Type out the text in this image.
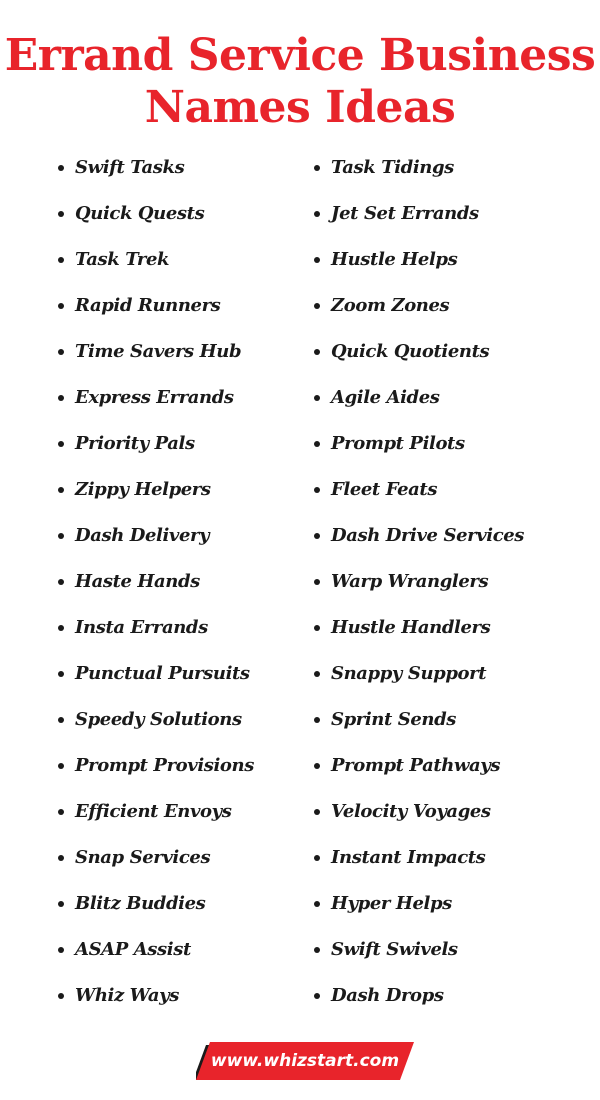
Errand Service Business
Names Ideas
Swift Tasks
Quick Quests
Task Trek
Rapid Runners
Time Savers Hub
Express Errands
Priority Pals
Zippy Helpers
Dash Delivery
Haste Hands
Insta Errands
Punctual Pursuits
Speedy Solutions
Prompt Provisions
Efficient Envoys
Snap Services
Blitz Buddies
ASAP Assist
Whiz Ways
Task Tidings
Jet Set Errands
Hustle Helps
Zoom Zones
Quick Quotients
Agile Aides
Prompt Pilots
Fleet Feats
Dash Drive Services
Warp Wranglers
Hustle Handlers
Snappy Support
Sprint Sends
Prompt Pathways
Velocity Voyages
Instant Impacts
Hyper Helps
Swift Swivels
Dash Drops
www.whizstart.com
